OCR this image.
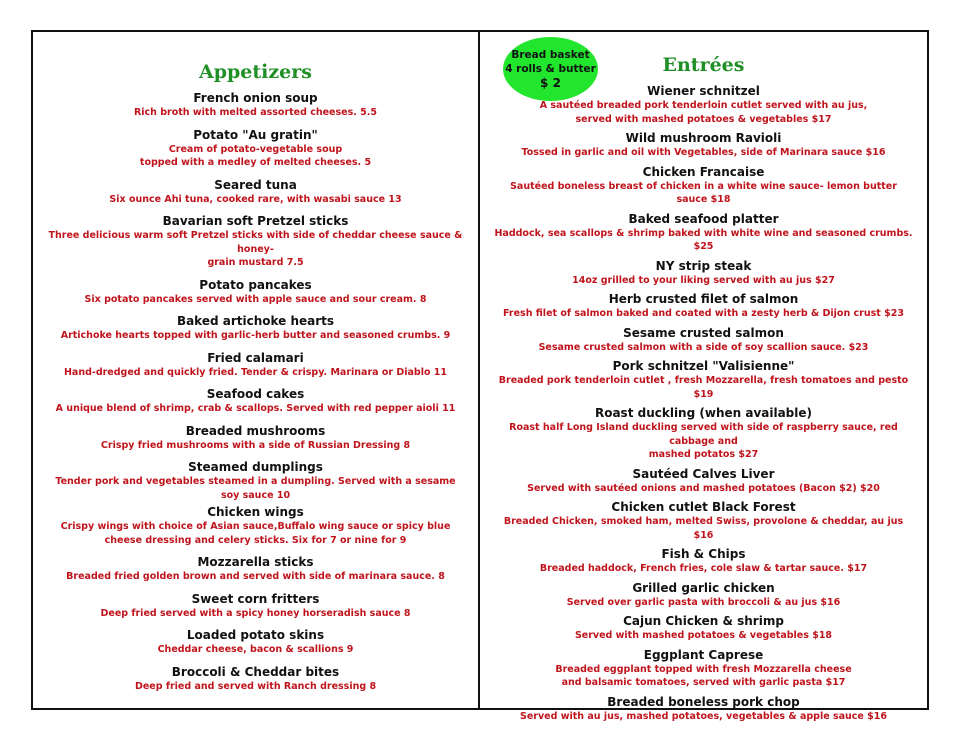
Appetizers
French onion soup
Rich broth with melted assorted cheeses. 5.5
Potato "Au gratin"
Cream of potato-vegetable soup
topped with a medley of melted cheeses. 5
Seared tuna
Six ounce Ahi tuna, cooked rare, with wasabi sauce 13
Bavarian soft Pretzel sticks
Three delicious warm soft Pretzel sticks with side of cheddar cheese sauce & honey-
grain mustard 7.5
Potato pancakes
Six potato pancakes served with apple sauce and sour cream. 8
Baked artichoke hearts
Artichoke hearts topped with garlic-herb butter and seasoned crumbs. 9
Fried calamari
Hand-dredged and quickly fried. Tender & crispy. Marinara or Diablo 11
Seafood cakes
A unique blend of shrimp, crab & scallops. Served with red pepper aioli 11
Breaded mushrooms
Crispy fried mushrooms with a side of Russian Dressing 8
Steamed dumplings
Tender pork and vegetables steamed in a dumpling. Served with a sesame soy sauce 10
Chicken wings
Crispy wings with choice of Asian sauce,Buffalo wing sauce or spicy blue
cheese dressing and celery sticks. Six for 7 or nine for 9
Mozzarella sticks
Breaded fried golden brown and served with side of marinara sauce. 8
Sweet corn fritters
Deep fried served with a spicy honey horseradish sauce 8
Loaded potato skins
Cheddar cheese, bacon & scallions 9
Broccoli & Cheddar bites
Deep fried and served with Ranch dressing 8
Entrées
Wiener schnitzel
A sautéed breaded pork tenderloin cutlet served with au jus,
served with mashed potatoes & vegetables $17
Wild mushroom Ravioli
Tossed in garlic and oil with Vegetables, side of Marinara sauce $16
Chicken Francaise
Sautéed boneless breast of chicken in a white wine sauce- lemon butter sauce $18
Baked seafood platter
Haddock, sea scallops & shrimp baked with white wine and seasoned crumbs. $25
NY strip steak
14oz grilled to your liking served with au jus $27
Herb crusted filet of salmon
Fresh filet of salmon baked and coated with a zesty herb & Dijon crust $23
Sesame crusted salmon
Sesame crusted salmon with a side of soy scallion sauce. $23
Pork schnitzel "Valisienne"
Breaded pork tenderloin cutlet , fresh Mozzarella, fresh tomatoes and pesto $19
Roast duckling (when available)
Roast half Long Island duckling served with side of raspberry sauce, red cabbage and
mashed potatos $27
Sautéed Calves Liver
Served with sautéed onions and mashed potatoes (Bacon $2) $20
Chicken cutlet Black Forest
Breaded Chicken, smoked ham, melted Swiss, provolone & cheddar, au jus $16
Fish & Chips
Breaded haddock, French fries, cole slaw & tartar sauce. $17
Grilled garlic chicken
Served over garlic pasta with broccoli & au jus $16
Cajun Chicken & shrimp
Served with mashed potatoes & vegetables $18
Eggplant Caprese
Breaded eggplant topped with fresh Mozzarella cheese
and balsamic tomatoes, served with garlic pasta $17
Breaded boneless pork chop
Served with au jus, mashed potatoes, vegetables & apple sauce $16
Bread basket
4 rolls & butter
$ 2
